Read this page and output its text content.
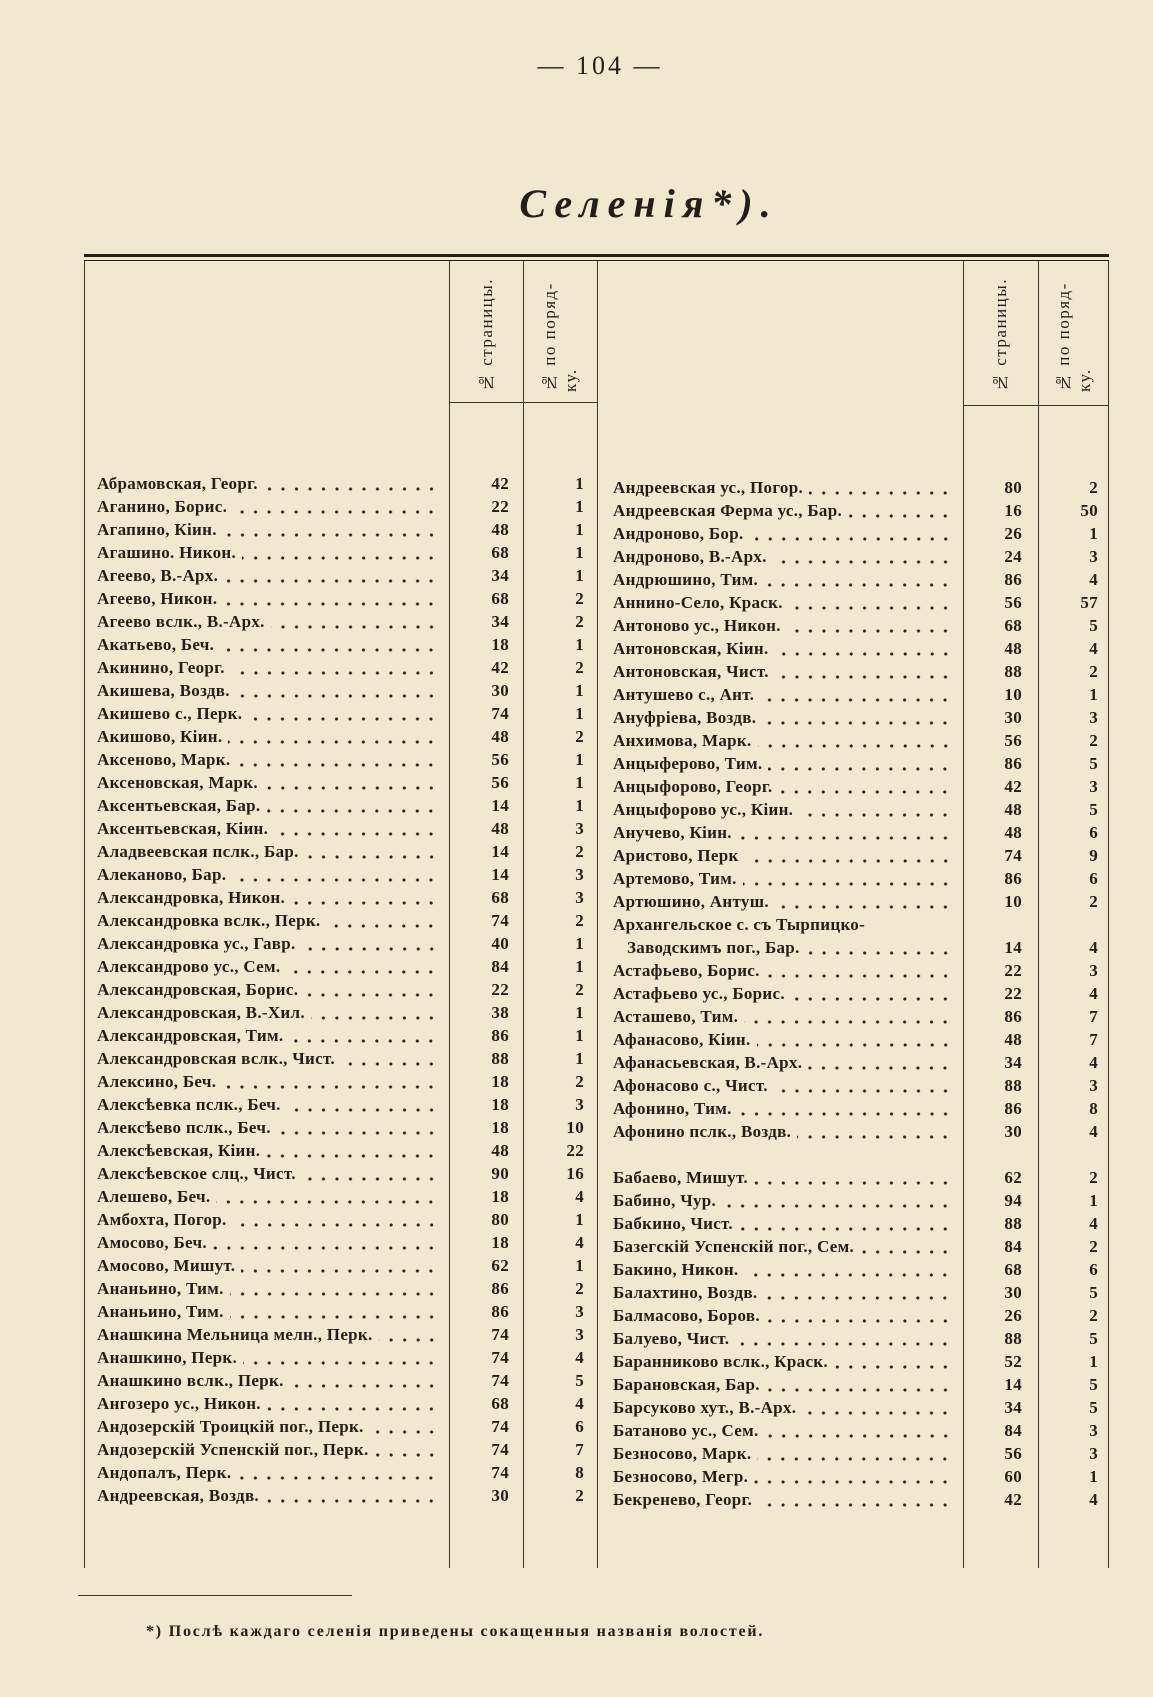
— 104 —
Селенія*).
№ страницы.	№ по поряд- ку.	№ страницы.	№ по поряд- ку.
Абрамовская, Георг.	42	1
Аганино, Борис.	22	1
Агапино, Кiин.	48	1
Агашино. Никон.	68	1
Агеево, В.-Арх.	34	1
Агеево, Никон.	68	2
Агеево вслк., В.-Арх.	34	2
Акатьево, Беч.	18	1
Акинино, Георг.	42	2
Акишева, Воздв.	30	1
Акишево с., Перк.	74	1
Акишово, Кiин.	48	2
Аксеново, Марк.	56	1
Аксеновская, Марк.	56	1
Аксентьевская, Бар.	14	1
Аксентьевская, Кiин.	48	3
Аладвеевская пслк., Бар.	14	2
Алеканово, Бар.	14	3
Александровка, Никон.	68	3
Александровка вслк., Перк.	74	2
Александровка ус., Гавр.	40	1
Александрово ус., Сем.	84	1
Александровская, Борис.	22	2
Александровская, В.-Хил.	38	1
Александровская, Тим.	86	1
Александровская вслк., Чист.	88	1
Алексино, Беч.	18	2
Алексѣевка пслк., Беч.	18	3
Алексѣево пслк., Беч.	18	10
Алексѣевская, Кiин.	48	22
Алексѣевское слц., Чист.	90	16
Алешево, Беч.	18	4
Амбохта, Погор.	80	1
Амосово, Беч.	18	4
Амосово, Мишут.	62	1
Ананьино, Тим.	86	2
Ананьино, Тим.	86	3
Анашкина Мельница мелн., Перк.	74	3
Анашкино, Перк.	74	4
Анашкино вслк., Перк.	74	5
Ангозеро ус., Никон.	68	4
Андозерскiй Троицкiй пог., Перк.	74	6
Андозерскiй Успенскiй пог., Перк.	74	7
Андопалъ, Перк.	74	8
Андреевская, Воздв.	30	2
Андреевская ус., Погор.	80	2
Андреевская Ферма ус., Бар.	16	50
Андроново, Бор.	26	1
Андроново, В.-Арх.	24	3
Андрюшино, Тим.	86	4
Аннино-Село, Краск.	56	57
Антоново ус., Никон.	68	5
Антоновская, Кiин.	48	4
Антоновская, Чист.	88	2
Антушево с., Ант.	10	1
Ануфрiева, Воздв.	30	3
Анхимова, Марк.	56	2
Анцыферово, Тим.	86	5
Анцыфорово, Георг.	42	3
Анцыфорово ус., Кiин.	48	5
Анучево, Кiин.	48	6
Аристово, Перк	74	9
Артемово, Тим.	86	6
Артюшино, Антуш.	10	2
Архангельское с. съ Тырпицко-
Заводскимъ пог., Бар.	14	4
Астафьево, Борис.	22	3
Астафьево ус., Борис.	22	4
Асташево, Тим.	86	7
Афанасово, Кiин.	48	7
Афанасьевская, В.-Арх.	34	4
Афонасово с., Чист.	88	3
Афонино, Тим.	86	8
Афонино пслк., Воздв.	30	4
Бабаево, Мишут.	62	2
Бабино, Чур.	94	1
Бабкино, Чист.	88	4
Базегскiй Успенскiй пог., Сем.	84	2
Бакино, Никон.	68	6
Балахтино, Воздв.	30	5
Балмасово, Боров.	26	2
Балуево, Чист.	88	5
Баранниково вслк., Краск.	52	1
Барановская, Бар.	14	5
Барсуково хут., В.-Арх.	34	5
Батаново ус., Сем.	84	3
Безносово, Марк.	56	3
Безносово, Мегр.	60	1
Бекренево, Георг.	42	4
*) Послѣ каждаго селенія приведены сокащенныя названія волостей.
